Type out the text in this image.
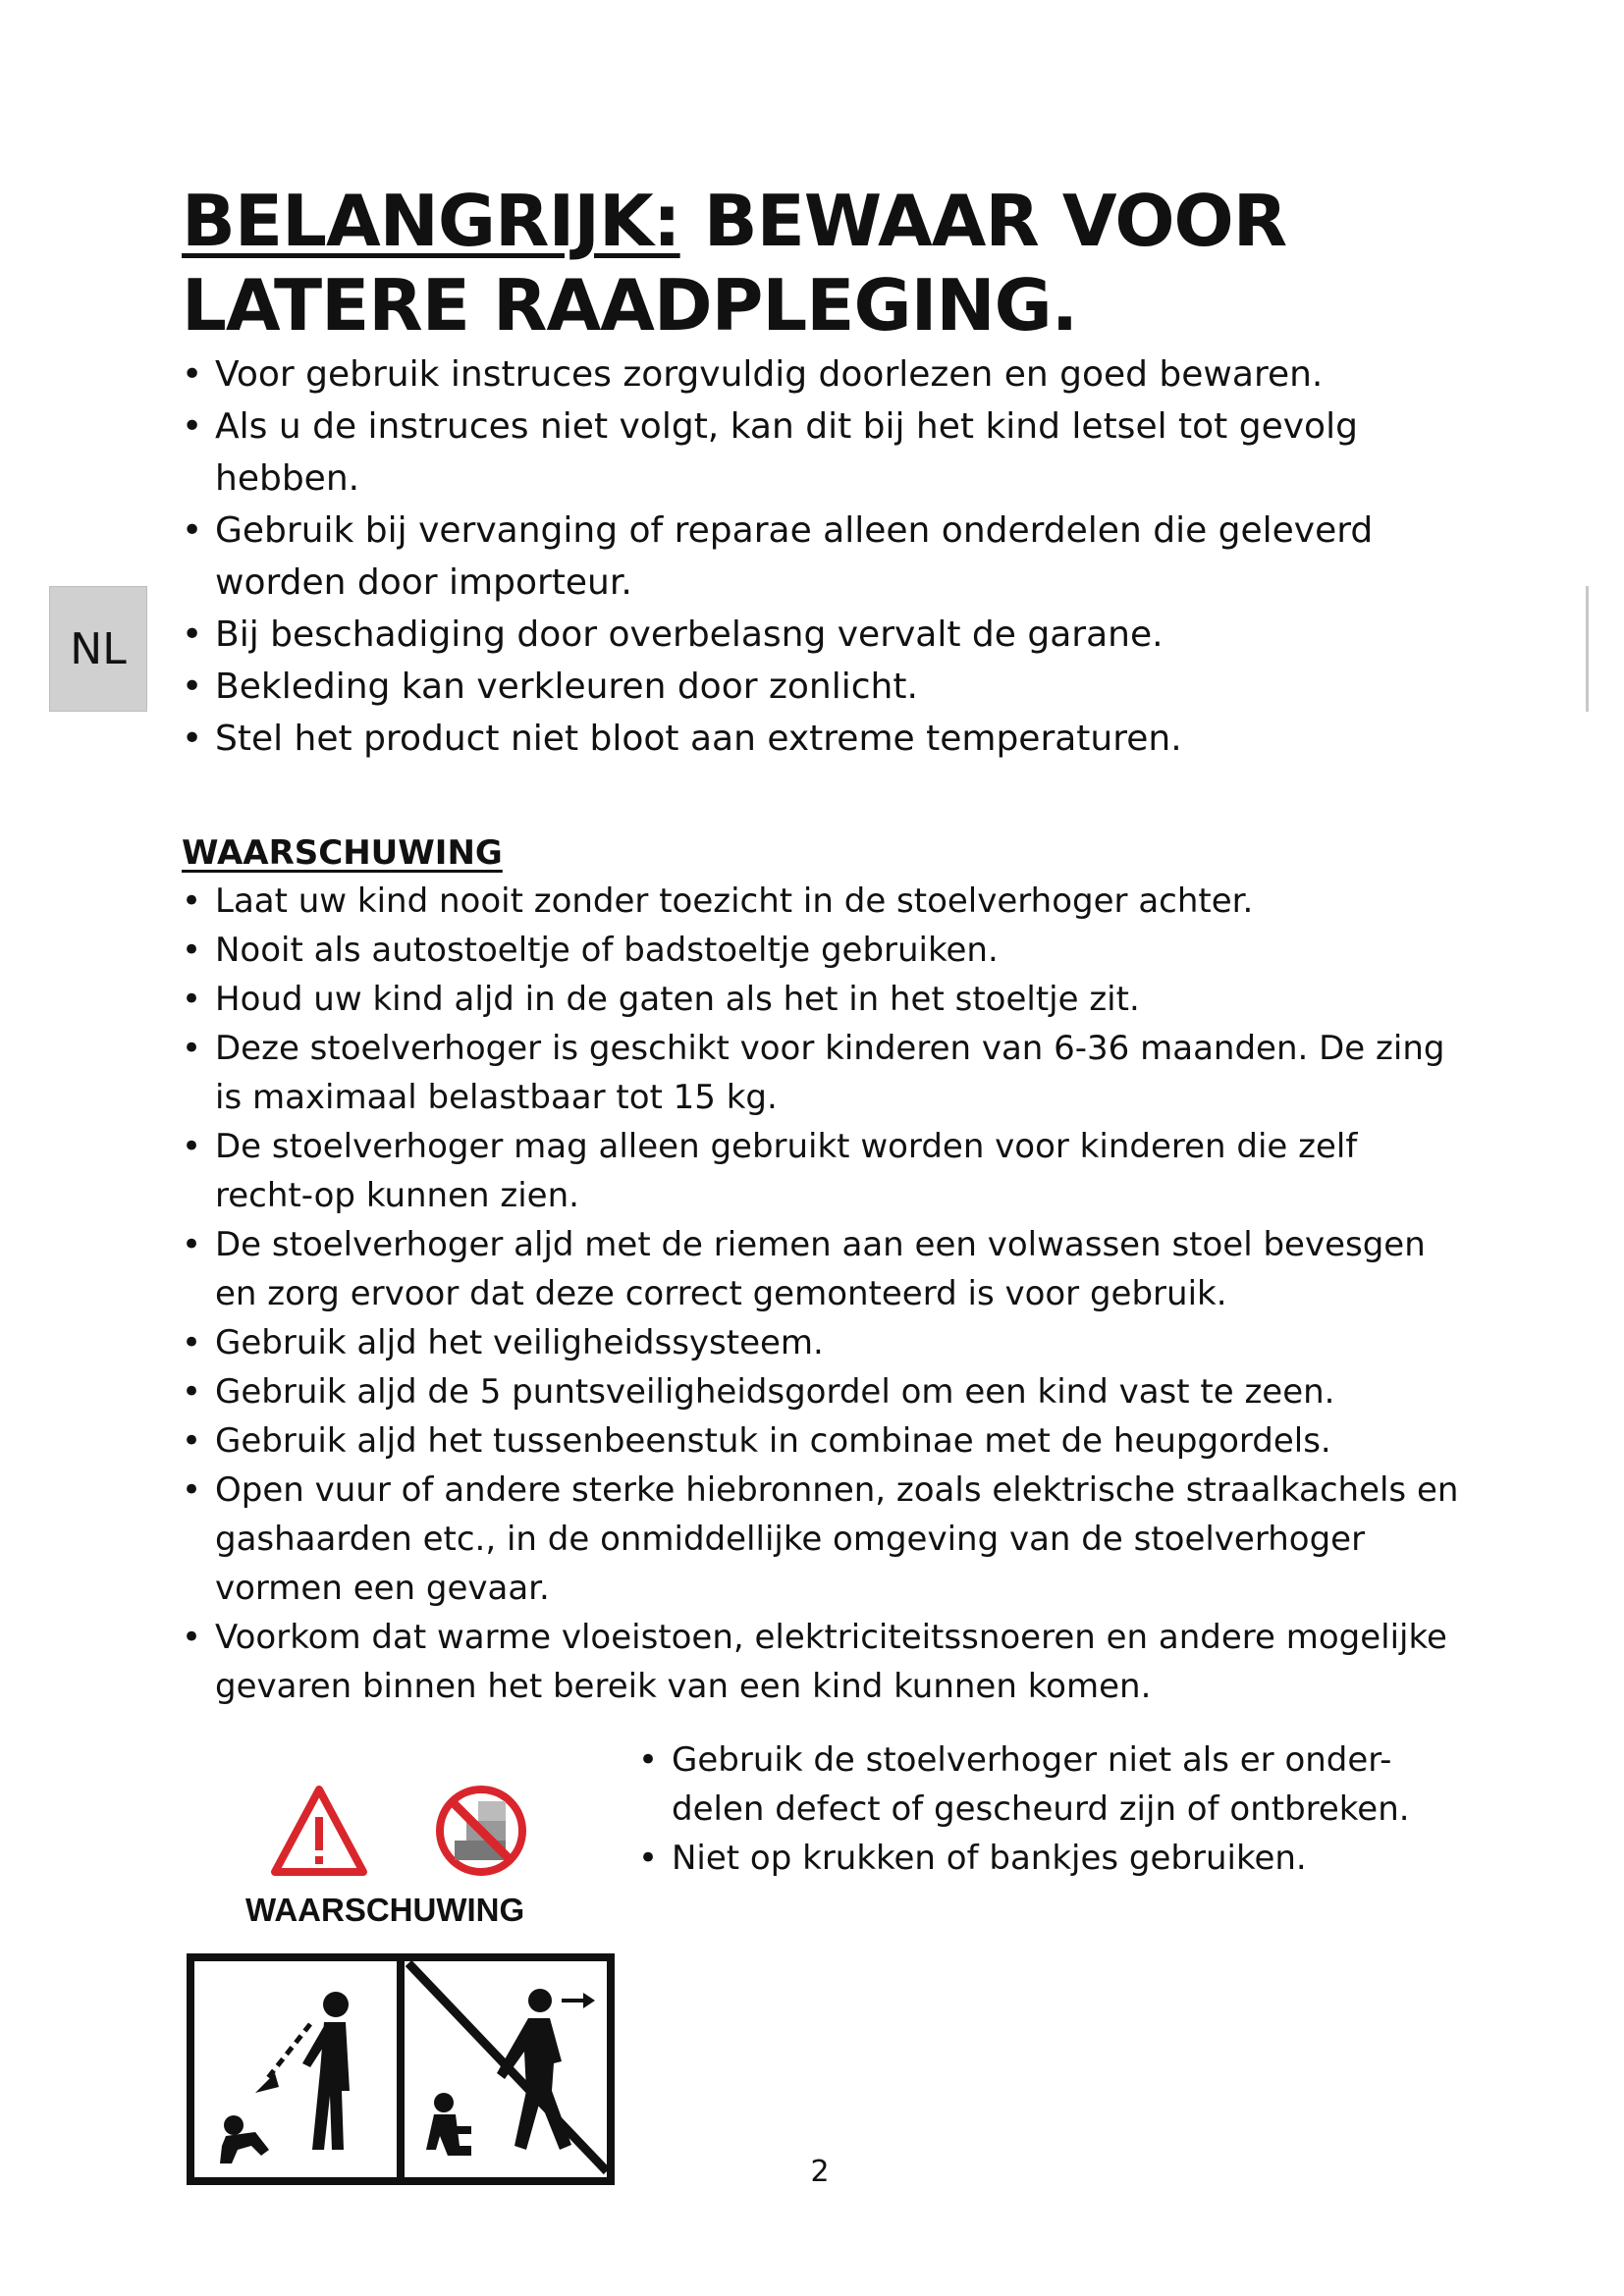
BELANGRIJK: BEWAAR VOOR LATERE RAADPLEGING.
NL
• Voor gebruik instruces zorgvuldig doorlezen en goed bewaren.
• Als u de instruces niet volgt, kan dit bij het kind letsel tot gevolg hebben.
• Gebruik bij vervanging of reparae alleen onderdelen die geleverd worden door importeur.
• Bij beschadiging door overbelasng vervalt de garane.
• Bekleding kan verkleuren door zonlicht.
• Stel het product niet bloot aan extreme temperaturen.
WAARSCHUWING
• Laat uw kind nooit zonder toezicht in de stoelverhoger achter.
• Nooit als autostoeltje of badstoeltje gebruiken.
• Houd uw kind aljd in de gaten als het in het stoeltje zit.
• Deze stoelverhoger is geschikt voor kinderen van 6-36 maanden. De zing is maximaal belastbaar tot 15 kg.
• De stoelverhoger mag alleen gebruikt worden voor kinderen die zelf recht-op kunnen zien.
• De stoelverhoger aljd met de riemen aan een volwassen stoel bevesgen en zorg ervoor dat deze correct gemonteerd is voor gebruik.
• Gebruik aljd het veiligheidssysteem.
• Gebruik aljd de 5 puntsveiligheidsgordel om een kind vast te zeen.
• Gebruik aljd het tussenbeenstuk in combinae met de heupgordels.
• Open vuur of andere sterke hiebronnen, zoals elektrische straalkachels en gashaarden etc., in de onmiddellijke omgeving van de stoelverhoger vormen een gevaar.
• Voorkom dat warme vloeistoen, elektriciteitssnoeren en andere mogelijke gevaren binnen het bereik van een kind kunnen komen.
• Gebruik de stoelverhoger niet als er onder-delen defect of gescheurd zijn of ontbreken.
• Niet op krukken of bankjes gebruiken.
WAARSCHUWING
2
